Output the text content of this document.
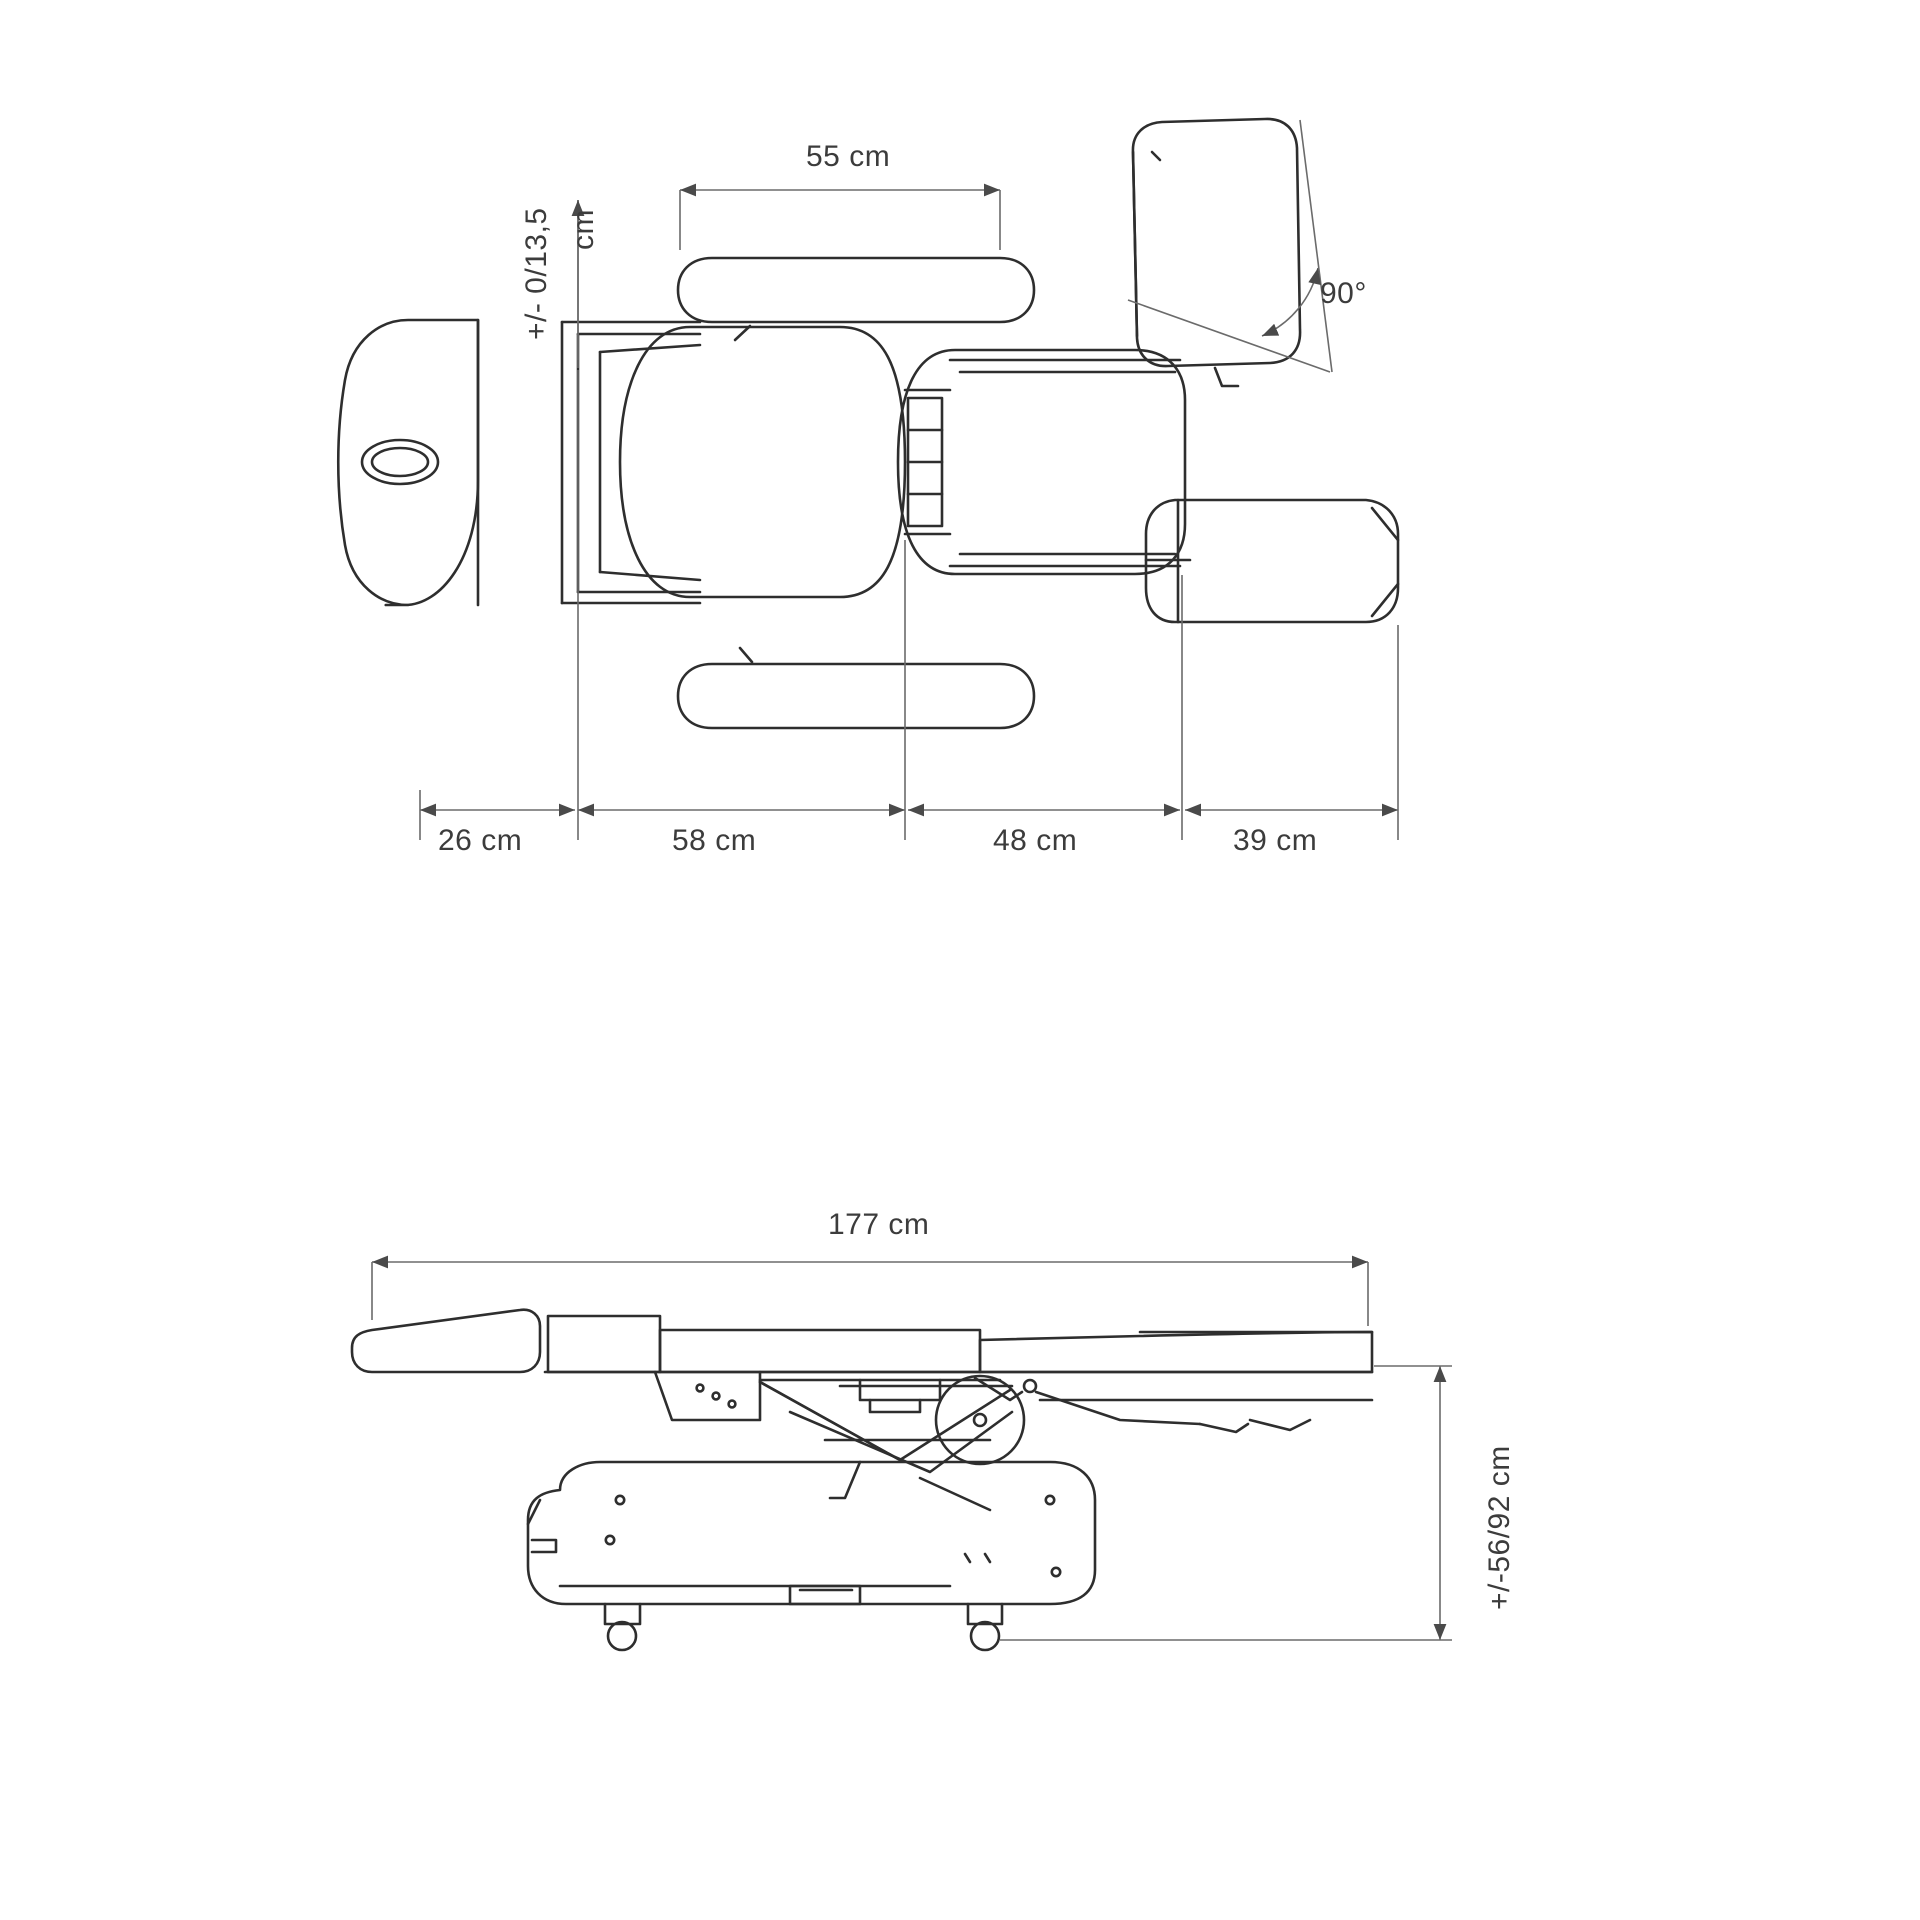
55 cm
+/- 0/13,5 cm
90°
26 cm	58 cm	48 cm	39 cm
177 cm
+/-56/92 cm
